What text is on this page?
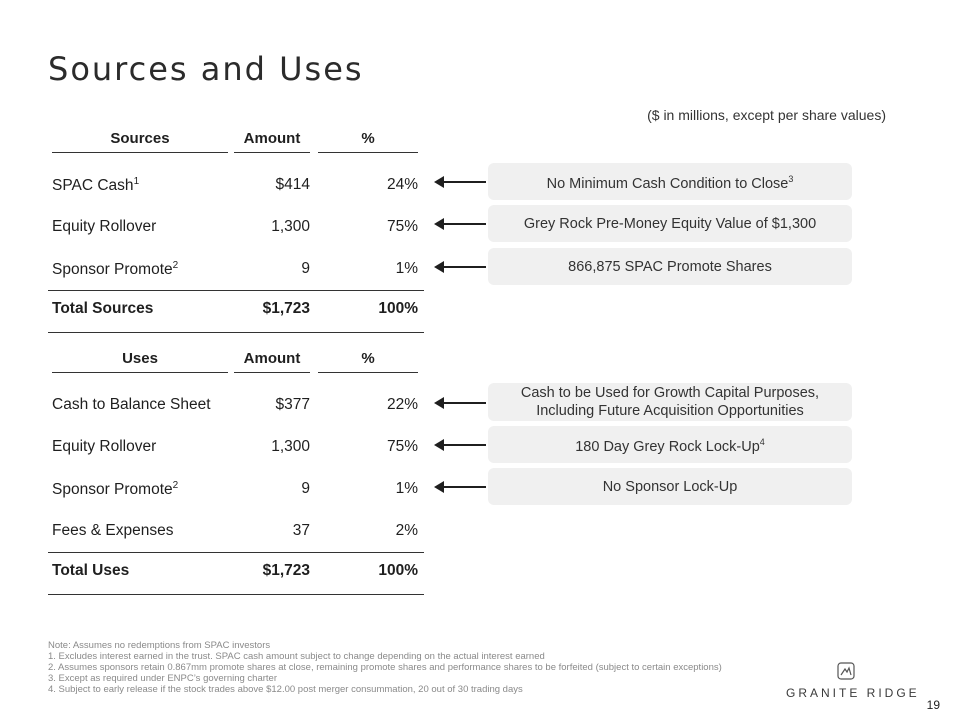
Sources and Uses
($ in millions, except per share values)
Sources	Amount	%
SPAC Cash$^1$	$414	24%
Equity Rollover	1,300	75%
Sponsor Promote$^2$	9	1%
Total Sources	$1,723	100%
Uses	Amount	%
Cash to Balance Sheet	$377	22%
Equity Rollover	1,300	75%
Sponsor Promote$^2$	9	1%
Fees & Expenses	37	2%
Total Uses	$1,723	100%
No Minimum Cash Condition to Close$^3$
Grey Rock Pre-Money Equity Value of $1,300
866,875 SPAC Promote Shares
Cash to be Used for Growth Capital Purposes, Including Future Acquisition Opportunities
180 Day Grey Rock Lock-Up$^4$
No Sponsor Lock-Up
Note: Assumes no redemptions from SPAC investors
1. Excludes interest earned in the trust. SPAC cash amount subject to change depending on the actual interest earned
2. Assumes sponsors retain 0.867mm promote shares at close, remaining promote shares and performance shares to be forfeited (subject to certain exceptions)
3. Except as required under ENPC’s governing charter
4. Subject to early release if the stock trades above $12.00 post merger consummation, 20 out of 30 trading days	GRANITE RIDGE
19
